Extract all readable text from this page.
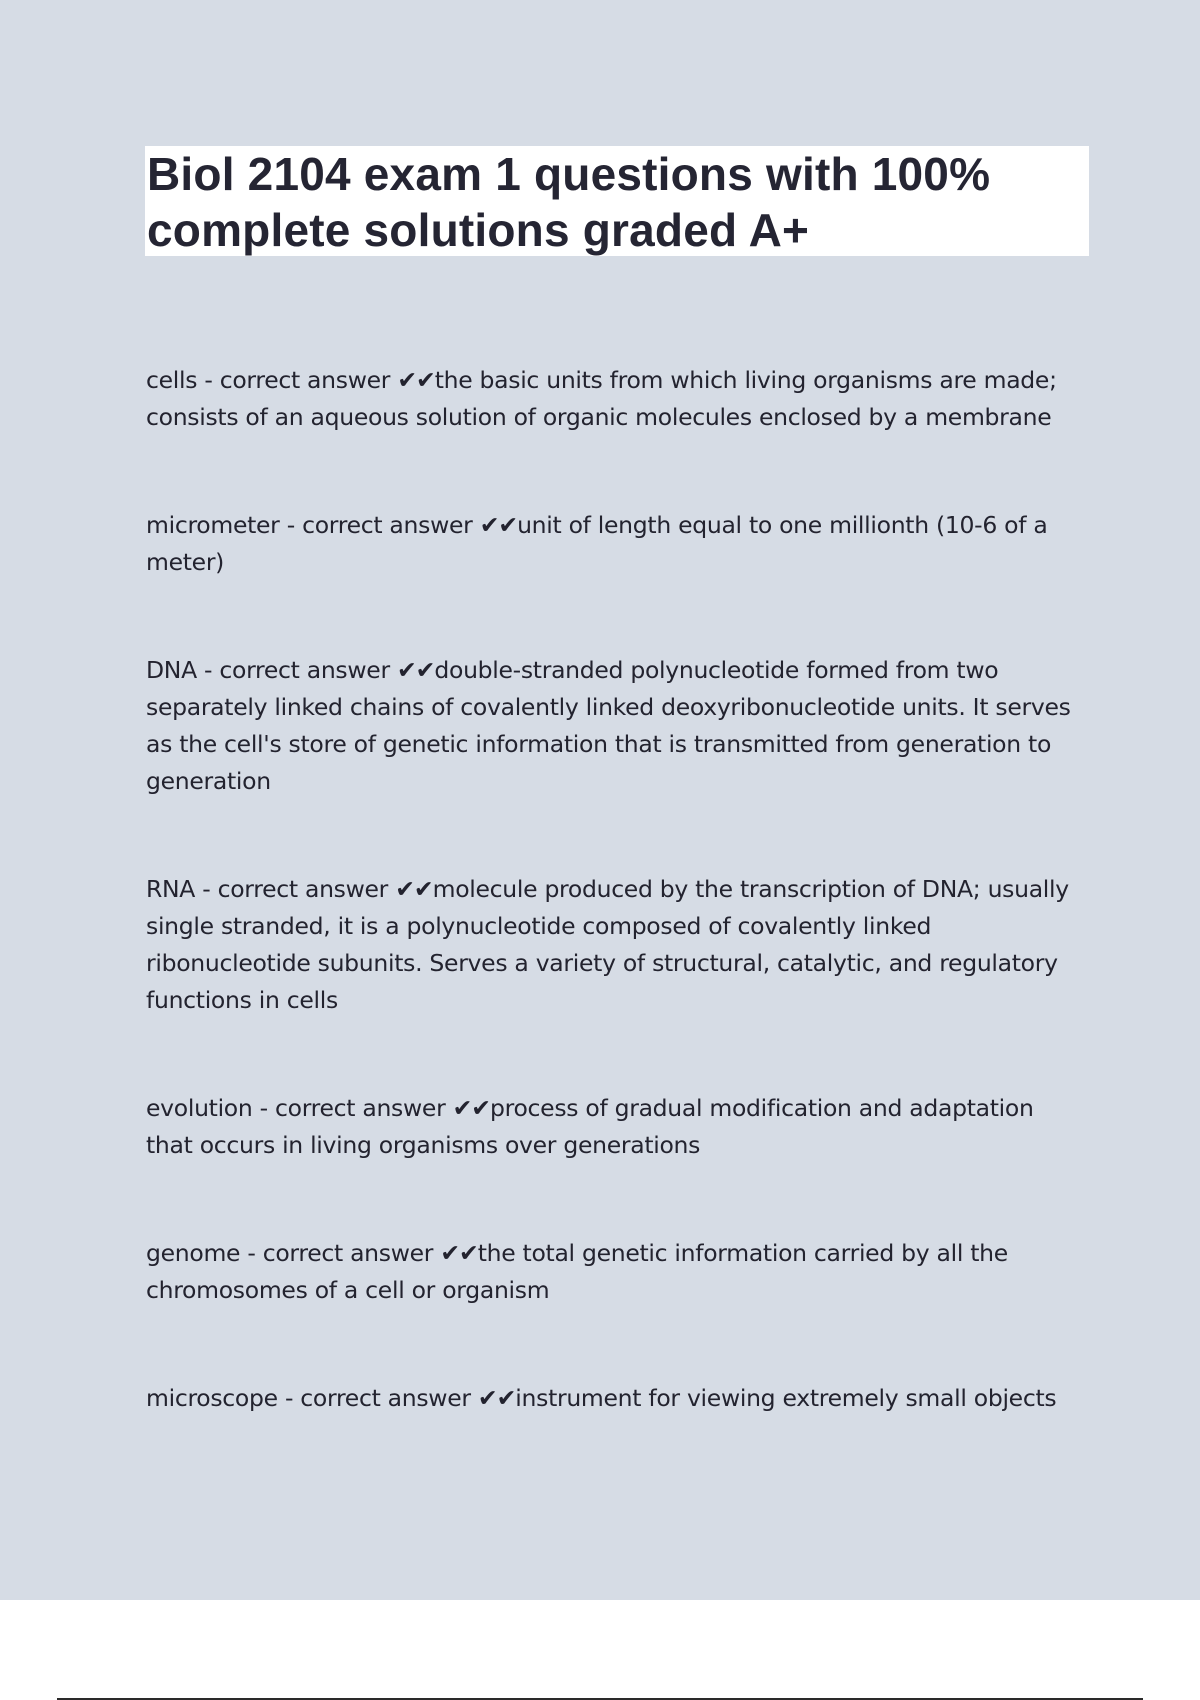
Biol 2104 exam 1 questions with 100% complete solutions graded A+
cells - correct answer ✔✔the basic units from which living organisms are made; consists of an aqueous solution of organic molecules enclosed by a membrane
micrometer - correct answer ✔✔unit of length equal to one millionth (10-6 of a meter)
DNA - correct answer ✔✔double-stranded polynucleotide formed from two separately linked chains of covalently linked deoxyribonucleotide units. It serves as the cell's store of genetic information that is transmitted from generation to generation
RNA - correct answer ✔✔molecule produced by the transcription of DNA; usually single stranded, it is a polynucleotide composed of covalently linked ribonucleotide subunits. Serves a variety of structural, catalytic, and regulatory functions in cells
evolution - correct answer ✔✔process of gradual modification and adaptation that occurs in living organisms over generations
genome - correct answer ✔✔the total genetic information carried by all the chromosomes of a cell or organism
microscope - correct answer ✔✔instrument for viewing extremely small objects
